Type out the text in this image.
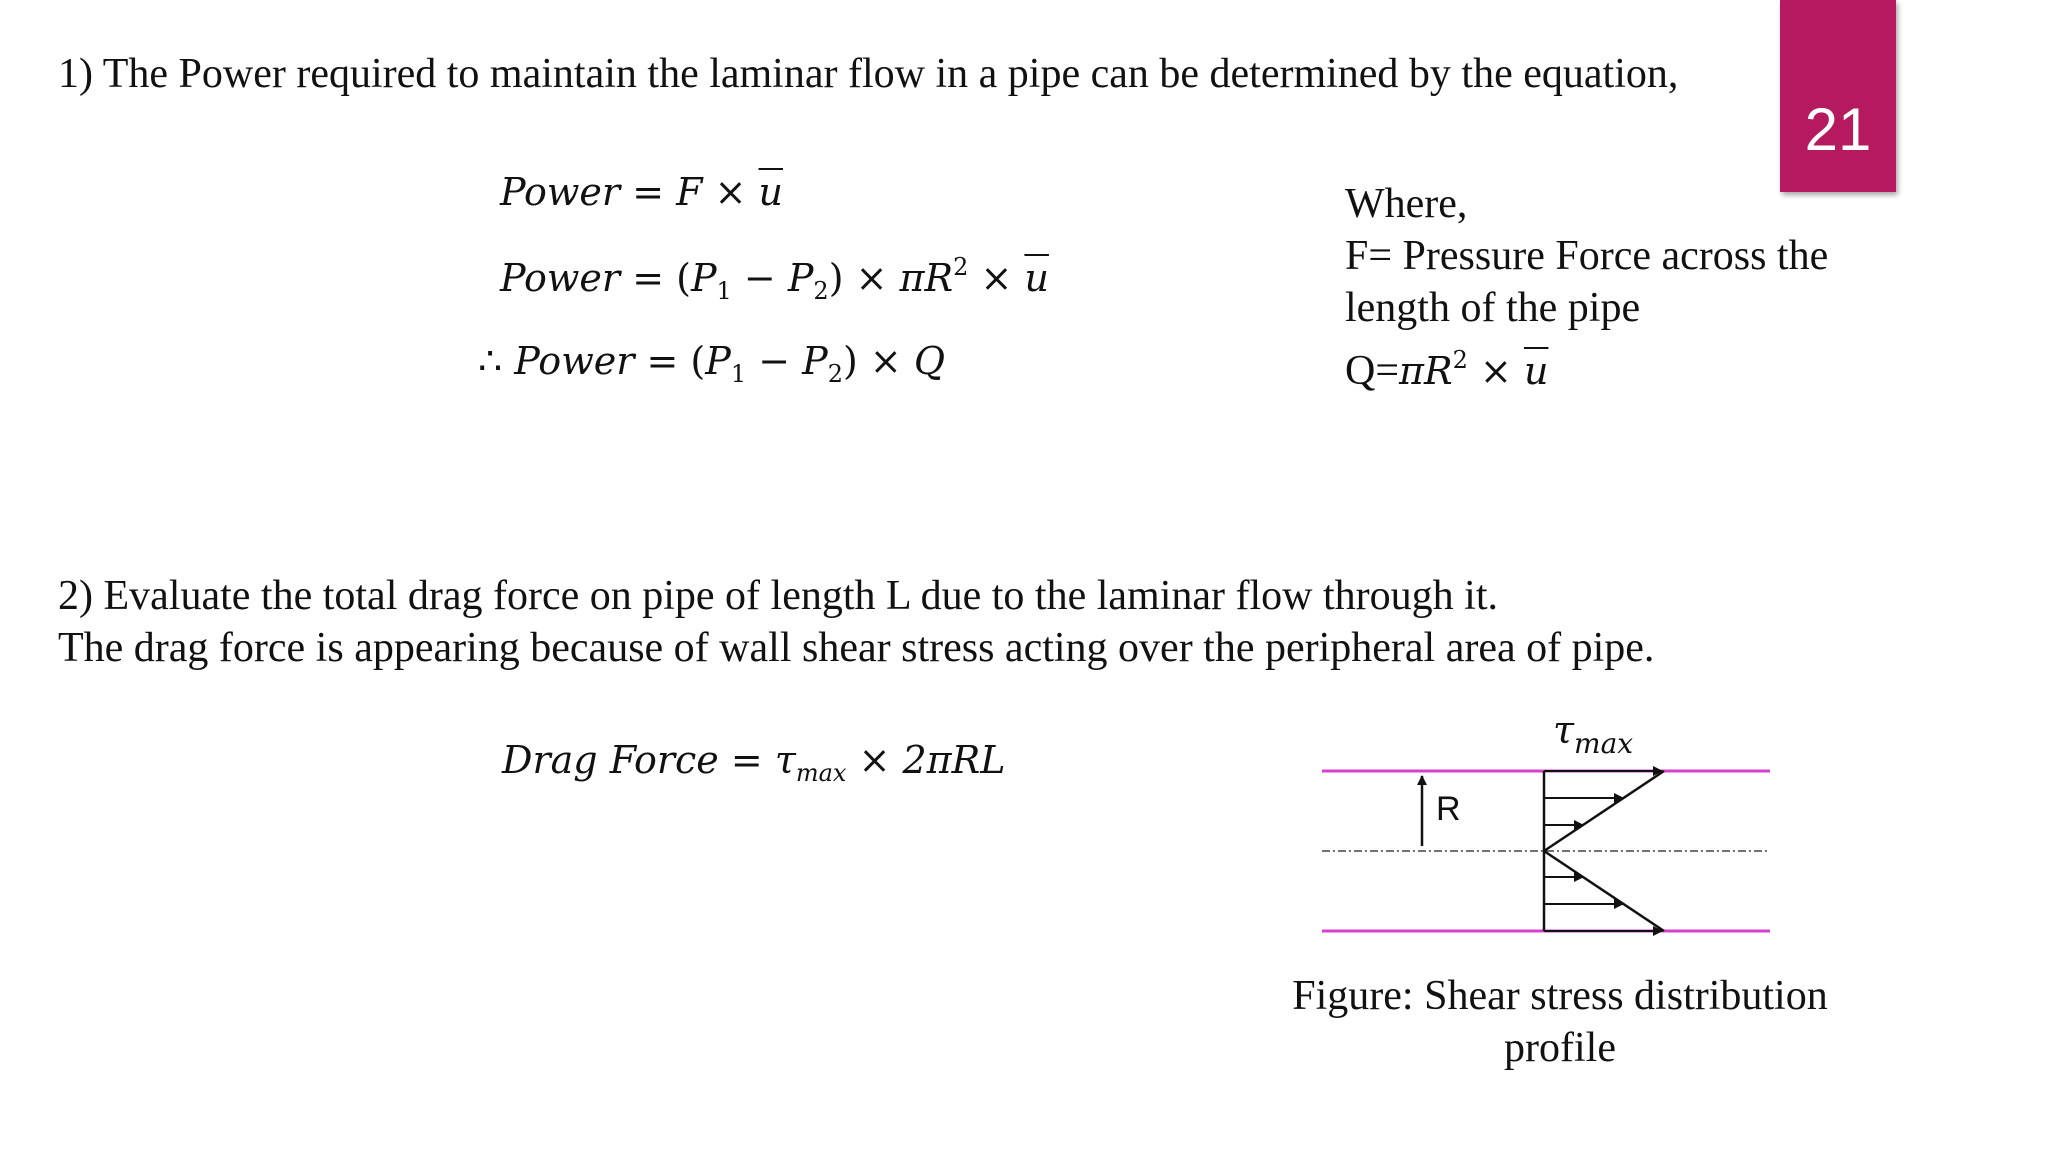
21
1) The Power required to maintain the laminar flow in a pipe can be determined by the equation,
Power = $F \times \overline{u}$
Power = $(P_1 - P_2) \times \pi R^2 \times \overline{u}$
∴ Power = $(P_1 - P_2) \times Q$
Where,
F= Pressure Force across the
length of the pipe
$Q=\pi R^2 \times \overline{u}$
2) Evaluate the total drag force on pipe of length L due to the laminar flow through it.
The drag force is appearing because of wall shear stress acting over the peripheral area of pipe.
Drag Force = $\tau_{max} \times 2\pi RL$
$\tau_{max}$
R
Figure: Shear stress distribution
profile
